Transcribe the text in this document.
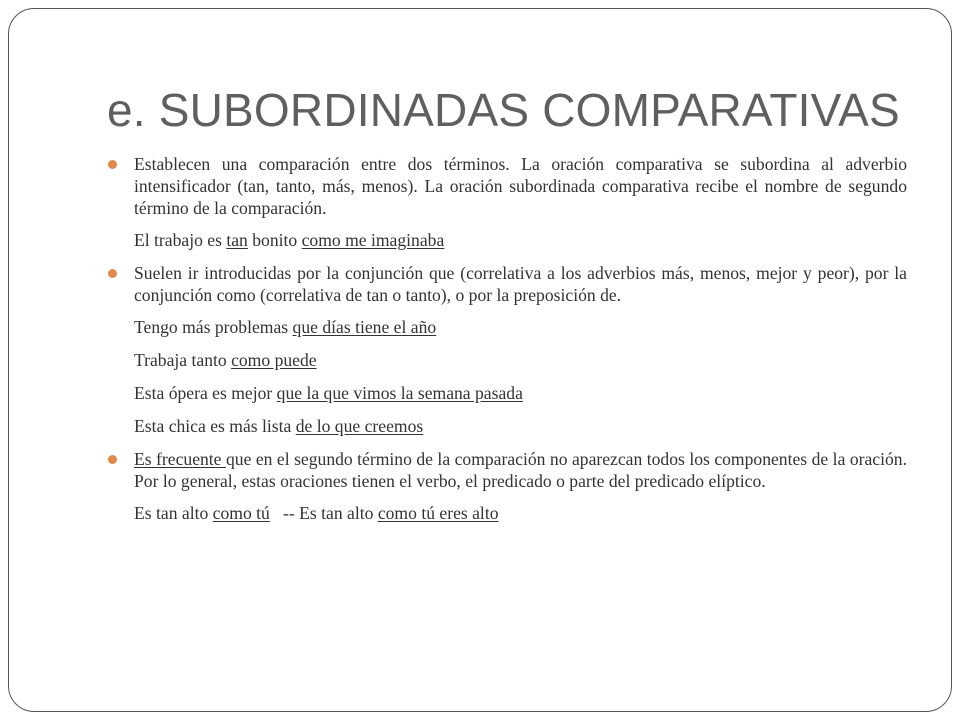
e. SUBORDINADAS COMPARATIVAS

Establecen una comparación entre dos términos. La oración comparativa se subordina al adverbio intensificador (tan, tanto, más, menos). La oración subordinada comparativa recibe el nombre de segundo término de la comparación.

El trabajo es tan bonito como me imaginaba

Suelen ir introducidas por la conjunción que (correlativa a los adverbios más, menos, mejor y peor), por la conjunción como (correlativa de tan o tanto), o por la preposición de.

Tengo más problemas que días tiene el año

Trabaja tanto como puede

Esta ópera es mejor que la que vimos la semana pasada

Esta chica es más lista de lo que creemos

Es frecuente que en el segundo término de la comparación no aparezcan todos los componentes de la oración. Por lo general, estas oraciones tienen el verbo, el predicado o parte del predicado elíptico.

Es tan alto como tú   -- Es tan alto como tú eres alto
